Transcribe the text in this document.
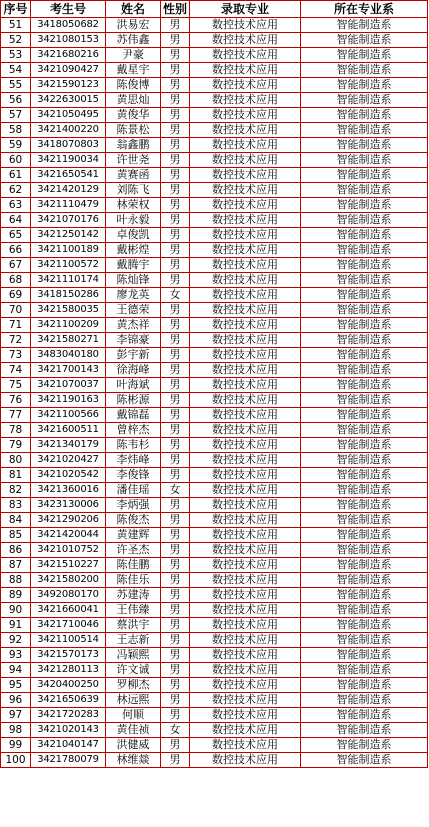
序号	考生号	姓名	性别	录取专业	所在专业系
51	3418050682	洪易宏	男	数控技术应用	智能制造系
52	3421080153	苏伟鑫	男	数控技术应用	智能制造系
53	3421680216	尹豪	男	数控技术应用	智能制造系
54	3421090427	戴星宇	男	数控技术应用	智能制造系
55	3421590123	陈俊博	男	数控技术应用	智能制造系
56	3422630015	黄思灿	男	数控技术应用	智能制造系
57	3421050495	黄俊华	男	数控技术应用	智能制造系
58	3421400220	陈景松	男	数控技术应用	智能制造系
59	3418070803	翁鑫鹏	男	数控技术应用	智能制造系
60	3421190034	许世尧	男	数控技术应用	智能制造系
61	3421650541	黄赛函	男	数控技术应用	智能制造系
62	3421420129	刘陈飞	男	数控技术应用	智能制造系
63	3421110479	林荣权	男	数控技术应用	智能制造系
64	3421070176	叶永毅	男	数控技术应用	智能制造系
65	3421250142	卓俊凯	男	数控技术应用	智能制造系
66	3421100189	戴彬煌	男	数控技术应用	智能制造系
67	3421100572	戴腾宇	男	数控技术应用	智能制造系
68	3421110174	陈灿锋	男	数控技术应用	智能制造系
69	3418150286	廖龙英	女	数控技术应用	智能制造系
70	3421580035	王德荣	男	数控技术应用	智能制造系
71	3421100209	黄杰祥	男	数控技术应用	智能制造系
72	3421580271	李锦豪	男	数控技术应用	智能制造系
73	3483040180	彭宇新	男	数控技术应用	智能制造系
74	3421700143	徐海峰	男	数控技术应用	智能制造系
75	3421070037	叶海斌	男	数控技术应用	智能制造系
76	3421190163	陈彬源	男	数控技术应用	智能制造系
77	3421100566	戴锦磊	男	数控技术应用	智能制造系
78	3421600511	曾梓杰	男	数控技术应用	智能制造系
79	3421340179	陈韦杉	男	数控技术应用	智能制造系
80	3421020427	李炜峰	男	数控技术应用	智能制造系
81	3421020542	李俊锋	男	数控技术应用	智能制造系
82	3421360016	潘佳瑶	女	数控技术应用	智能制造系
83	3423130006	李炳强	男	数控技术应用	智能制造系
84	3421290206	陈俊杰	男	数控技术应用	智能制造系
85	3421420044	黄建辉	男	数控技术应用	智能制造系
86	3421010752	许圣杰	男	数控技术应用	智能制造系
87	3421510227	陈佳鹏	男	数控技术应用	智能制造系
88	3421580200	陈佳乐	男	数控技术应用	智能制造系
89	3492080170	苏建涛	男	数控技术应用	智能制造系
90	3421660041	王伟臻	男	数控技术应用	智能制造系
91	3421710046	蔡洪宇	男	数控技术应用	智能制造系
92	3421100514	王志新	男	数控技术应用	智能制造系
93	3421570173	冯颖熙	男	数控技术应用	智能制造系
94	3421280113	许文诚	男	数控技术应用	智能制造系
95	3420400250	罗柳杰	男	数控技术应用	智能制造系
96	3421650639	林远熙	男	数控技术应用	智能制造系
97	3421720283	何顺	男	数控技术应用	智能制造系
98	3421020143	黄佳祯	女	数控技术应用	智能制造系
99	3421040147	洪健威	男	数控技术应用	智能制造系
100	3421780079	林维燚	男	数控技术应用	智能制造系
